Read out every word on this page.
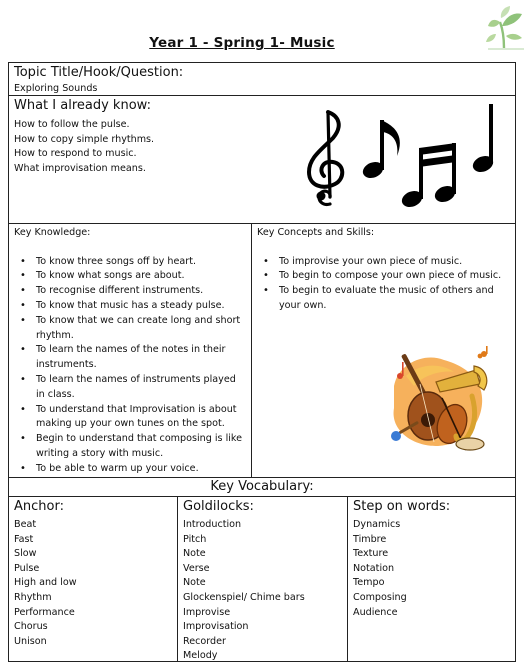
Year 1 - Spring 1- Music
Topic Title/Hook/Question:
Exploring Sounds
What I already know:
How to follow the pulse.
How to copy simple rhythms.
How to respond to music.
What improvisation means.
Key Knowledge:
• To know three songs off by heart.
• To know what songs are about.
• To recognise different instruments.
• To know that music has a steady pulse.
• To know that we can create long and short rhythm.
• To learn the names of the notes in their instruments.
• To learn the names of instruments played in class.
• To understand that Improvisation is about making up your own tunes on the spot.
• Begin to understand that composing is like writing a story with music.
• To be able to warm up your voice.
Key Concepts and Skills:
• To improvise your own piece of music.
• To begin to compose your own piece of music.
• To begin to evaluate the music of others and your own.
Key Vocabulary:
Anchor:
Beat
Fast
Slow
Pulse
High and low
Rhythm
Performance
Chorus
Unison
Goldilocks:
Introduction
Pitch
Note
Verse
Note
Glockenspiel/ Chime bars
Improvise
Improvisation
Recorder
Melody
Step on words:
Dynamics
Timbre
Texture
Notation
Tempo
Composing
Audience
